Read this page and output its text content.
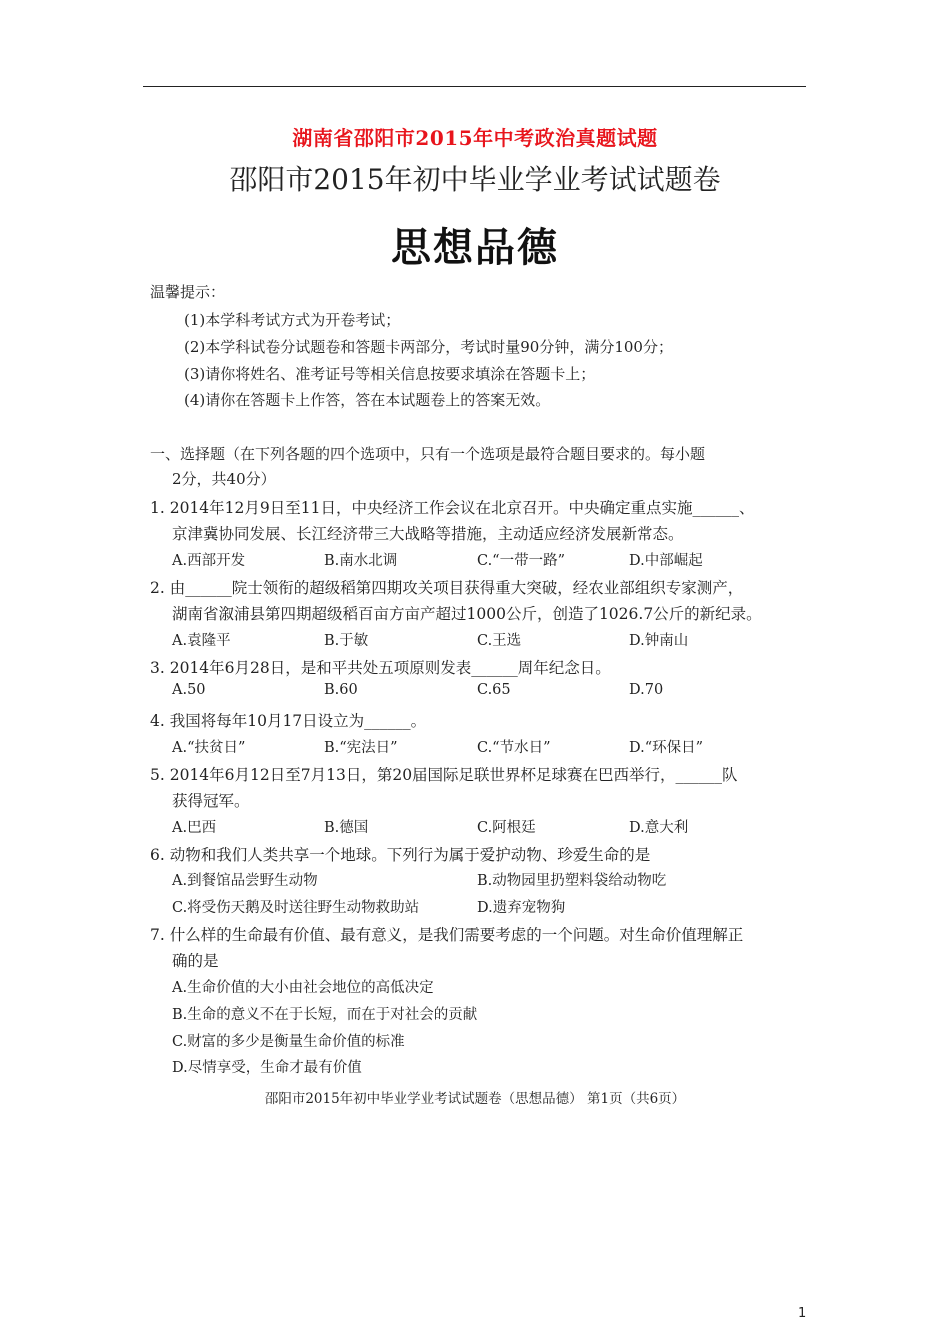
湖南省邵阳市2015年中考政治真题试题
邵阳市2015年初中毕业学业考试试题卷
思想品德
温馨提示：
(1)本学科考试方式为开卷考试；
(2)本学科试卷分试题卷和答题卡两部分，考试时量90分钟，满分100分；
(3)请你将姓名、准考证号等相关信息按要求填涂在答题卡上；
(4)请你在答题卡上作答，答在本试题卷上的答案无效。
一、选择题（在下列各题的四个选项中，只有一个选项是最符合题目要求的。每小题
2分，共40分）
1. 2014年12月9日至11日，中央经济工作会议在北京召开。中央确定重点实施______、
京津冀协同发展、长江经济带三大战略等措施，主动适应经济发展新常态。
A.西部开发	B.南水北调	C.“一带一路”	D.中部崛起
2. 由______院士领衔的超级稻第四期攻关项目获得重大突破，经农业部组织专家测产，
湖南省溆浦县第四期超级稻百亩方亩产超过1000公斤，创造了1026.7公斤的新纪录。
A.袁隆平	B.于敏	C.王选	D.钟南山
3. 2014年6月28日，是和平共处五项原则发表______周年纪念日。
A.50	B.60	C.65	D.70
4. 我国将每年10月17日设立为______。
A.“扶贫日”	B.“宪法日”	C.“节水日”	D.“环保日”
5. 2014年6月12日至7月13日，第20届国际足联世界杯足球赛在巴西举行，______队
获得冠军。
A.巴西	B.德国	C.阿根廷	D.意大利
6. 动物和我们人类共享一个地球。下列行为属于爱护动物、珍爱生命的是
A.到餐馆品尝野生动物	B.动物园里扔塑料袋给动物吃
C.将受伤天鹅及时送往野生动物救助站	D.遗弃宠物狗
7. 什么样的生命最有价值、最有意义，是我们需要考虑的一个问题。对生命价值理解正
确的是
A.生命价值的大小由社会地位的高低决定
B.生命的意义不在于长短，而在于对社会的贡献
C.财富的多少是衡量生命价值的标准
D.尽情享受，生命才最有价值
邵阳市2015年初中毕业学业考试试题卷（思想品德） 第1页（共6页）
1
